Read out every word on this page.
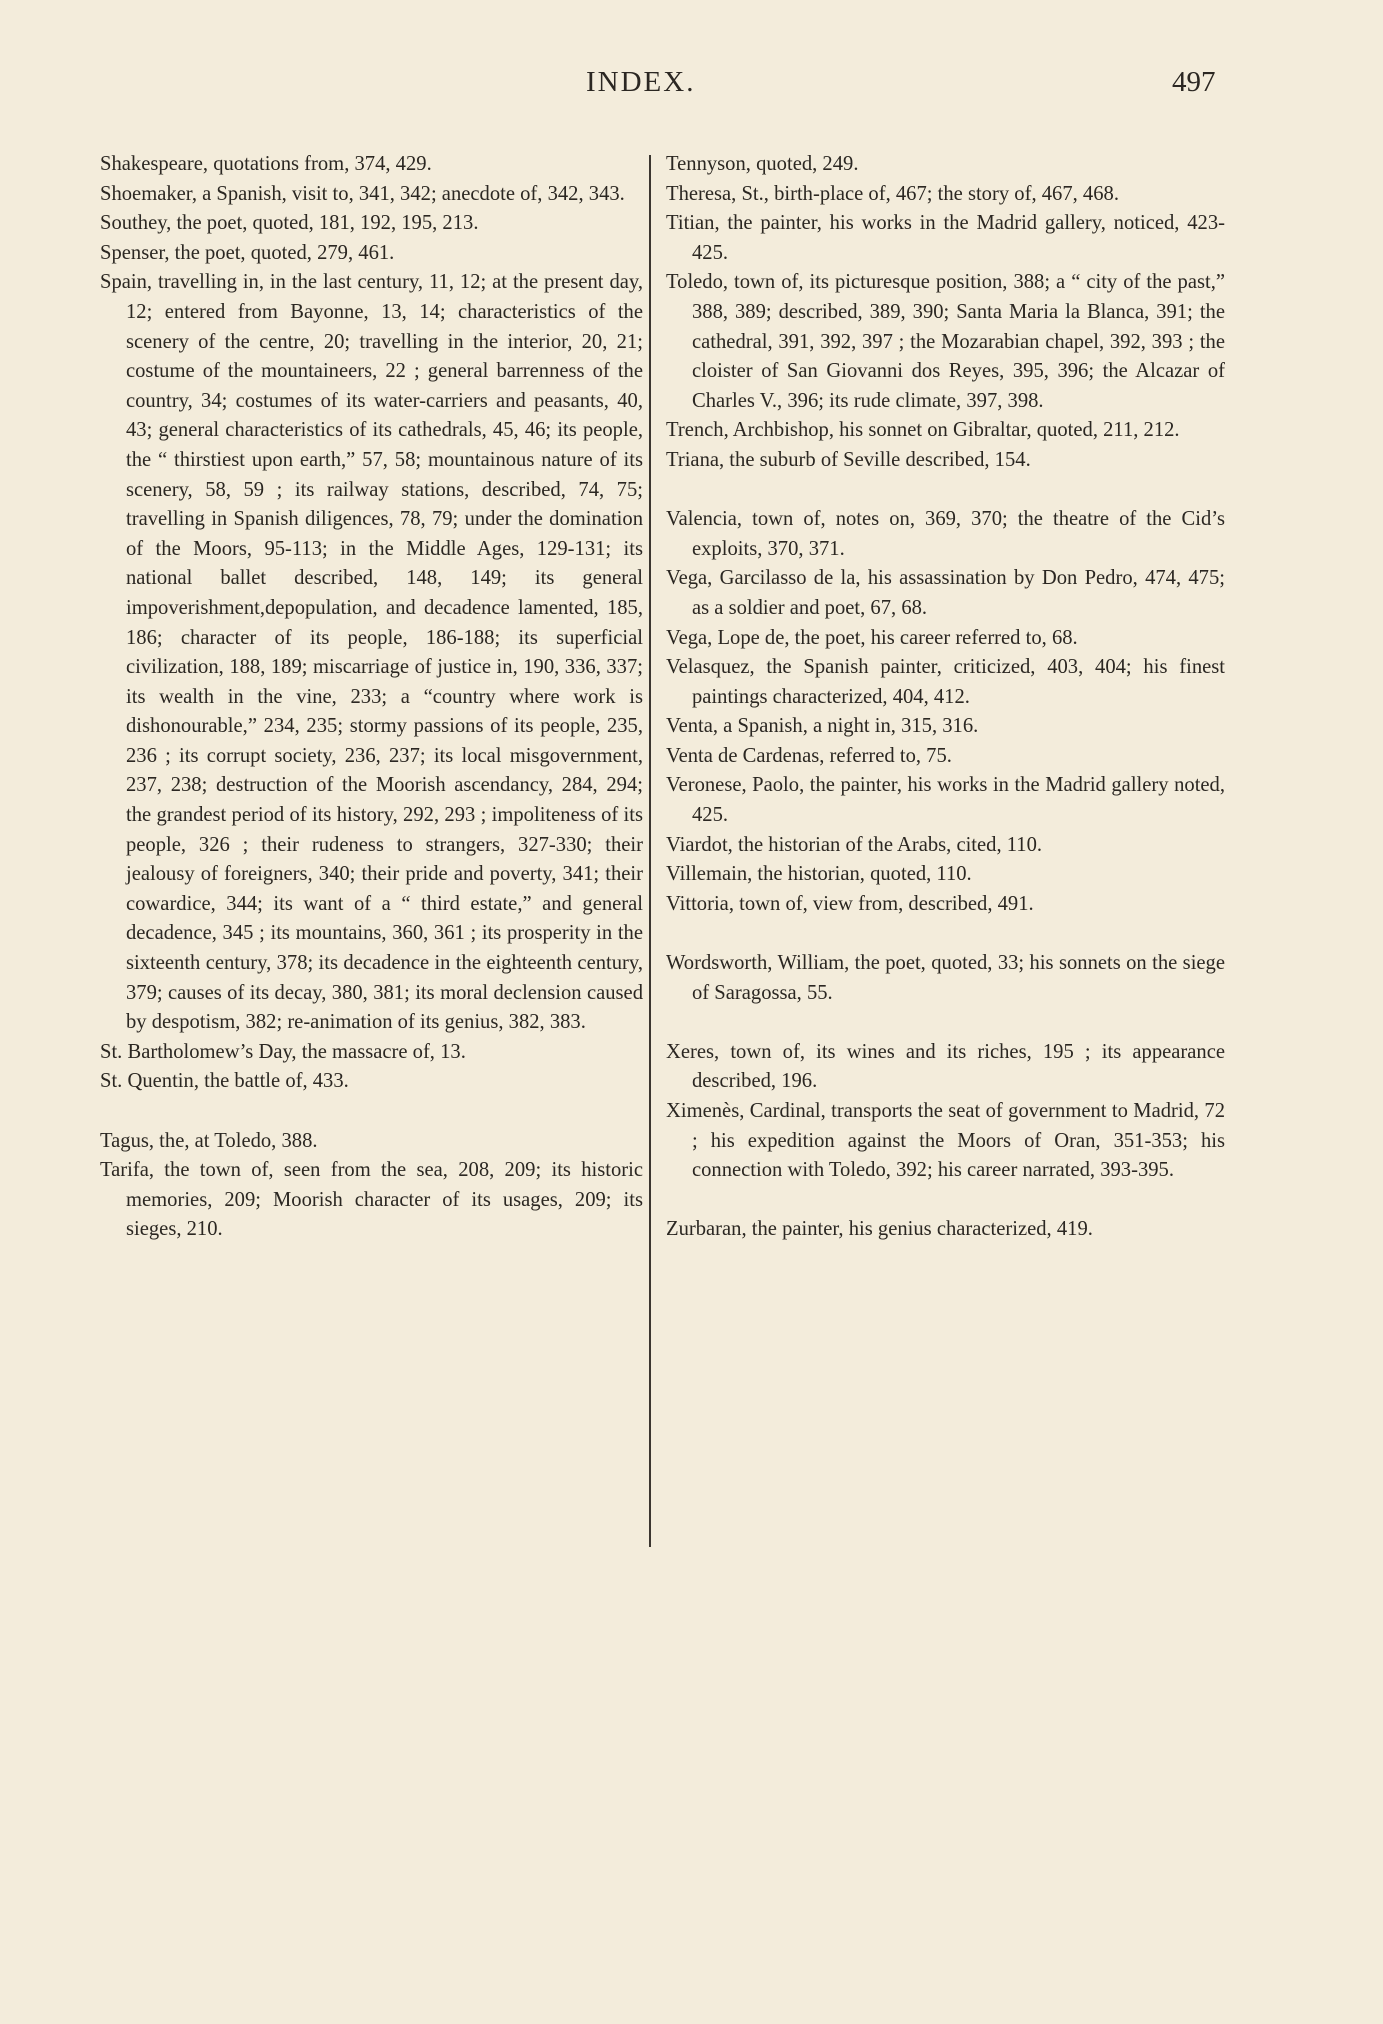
INDEX.	497

Shakespeare, quotations from, 374, 429.

Shoemaker, a Spanish, visit to, 341, 342; anecdote of, 342, 343.

Southey, the poet, quoted, 181, 192, 195, 213.

Spenser, the poet, quoted, 279, 461.

Spain, travelling in, in the last century, 11, 12; at the present day, 12; entered from Bayonne, 13, 14; characteristics of the scenery of the centre, 20; travelling in the interior, 20, 21; costume of the mountaineers, 22 ; general barrenness of the country, 34; costumes of its water-carriers and peasants, 40, 43; general characteristics of its cathedrals, 45, 46; its people, the “ thirstiest upon earth,” 57, 58; mountainous nature of its scenery, 58, 59 ; its railway stations, described, 74, 75; travelling in Spanish diligences, 78, 79; under the domination of the Moors, 95-113; in the Middle Ages, 129-131; its national ballet described, 148, 149; its general impoverishment,depopulation, and decadence lamented, 185, 186; character of its people, 186-188; its superficial civilization, 188, 189; miscarriage of justice in, 190, 336, 337; its wealth in the vine, 233; a “country where work is dishonourable,” 234, 235; stormy passions of its people, 235, 236 ; its corrupt society, 236, 237; its local misgovernment, 237, 238; destruction of the Moorish ascendancy, 284, 294; the grandest period of its history, 292, 293 ; impoliteness of its people, 326 ; their rudeness to strangers, 327-330; their jealousy of foreigners, 340; their pride and poverty, 341; their cowardice, 344; its want of a “ third estate,” and general decadence, 345 ; its mountains, 360, 361 ; its prosperity in the sixteenth century, 378; its decadence in the eighteenth century, 379; causes of its decay, 380, 381; its moral declension caused by despotism, 382; re-animation of its genius, 382, 383.

St. Bartholomew’s Day, the massacre of, 13.

St. Quentin, the battle of, 433.

Tagus, the, at Toledo, 388.

Tarifa, the town of, seen from the sea, 208, 209; its historic memories, 209; Moorish character of its usages, 209; its sieges, 210.

Tennyson, quoted, 249.

Theresa, St., birth-place of, 467; the story of, 467, 468.

Titian, the painter, his works in the Madrid gallery, noticed, 423-425.

Toledo, town of, its picturesque position, 388; a “ city of the past,” 388, 389; described, 389, 390; Santa Maria la Blanca, 391; the cathedral, 391, 392, 397 ; the Mozarabian chapel, 392, 393 ; the cloister of San Giovanni dos Reyes, 395, 396; the Alcazar of Charles V., 396; its rude climate, 397, 398.

Trench, Archbishop, his sonnet on Gibraltar, quoted, 211, 212.

Triana, the suburb of Seville described, 154.

Valencia, town of, notes on, 369, 370; the theatre of the Cid’s exploits, 370, 371.

Vega, Garcilasso de la, his assassination by Don Pedro, 474, 475; as a soldier and poet, 67, 68.

Vega, Lope de, the poet, his career referred to, 68.

Velasquez, the Spanish painter, criticized, 403, 404; his finest paintings characterized, 404, 412.

Venta, a Spanish, a night in, 315, 316.

Venta de Cardenas, referred to, 75.

Veronese, Paolo, the painter, his works in the Madrid gallery noted, 425.

Viardot, the historian of the Arabs, cited, 110.

Villemain, the historian, quoted, 110.

Vittoria, town of, view from, described, 491.

Wordsworth, William, the poet, quoted, 33; his sonnets on the siege of Saragossa, 55.

Xeres, town of, its wines and its riches, 195 ; its appearance described, 196.

Ximenès, Cardinal, transports the seat of government to Madrid, 72 ; his expedition against the Moors of Oran, 351-353; his connection with Toledo, 392; his career narrated, 393-395.

Zurbaran, the painter, his genius characterized, 419.
